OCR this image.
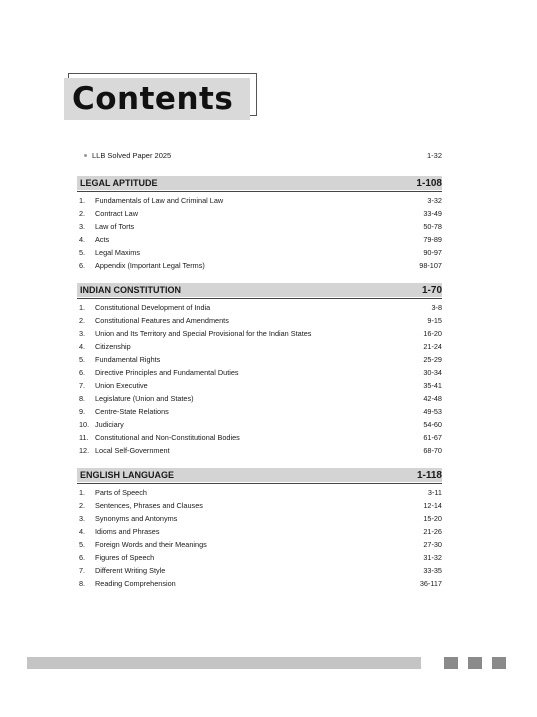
Contents
LLB Solved Paper 2025	1-32
LEGAL APTITUDE	1-108
1. Fundamentals of Law and Criminal Law	3-32
2. Contract Law	33-49
3. Law of Torts	50-78
4. Acts	79-89
5. Legal Maxims	90-97
6. Appendix (Important Legal Terms)	98-107
INDIAN CONSTITUTION	1-70
1. Constitutional Development of India	3-8
2. Constitutional Features and Amendments	9-15
3. Union and Its Territory and Special Provisional for the Indian States	16-20
4. Citizenship	21-24
5. Fundamental Rights	25-29
6. Directive Principles and Fundamental Duties	30-34
7. Union Executive	35-41
8. Legislature (Union and States)	42-48
9. Centre-State Relations	49-53
10. Judiciary	54-60
11. Constitutional and Non-Constitutional Bodies	61-67
12. Local Self-Government	68-70
ENGLISH LANGUAGE	1-118
1. Parts of Speech	3-11
2. Sentences, Phrases and Clauses	12-14
3. Synonyms and Antonyms	15-20
4. Idioms and Phrases	21-26
5. Foreign Words and their Meanings	27-30
6. Figures of Speech	31-32
7. Different Writing Style	33-35
8. Reading Comprehension	36-117
